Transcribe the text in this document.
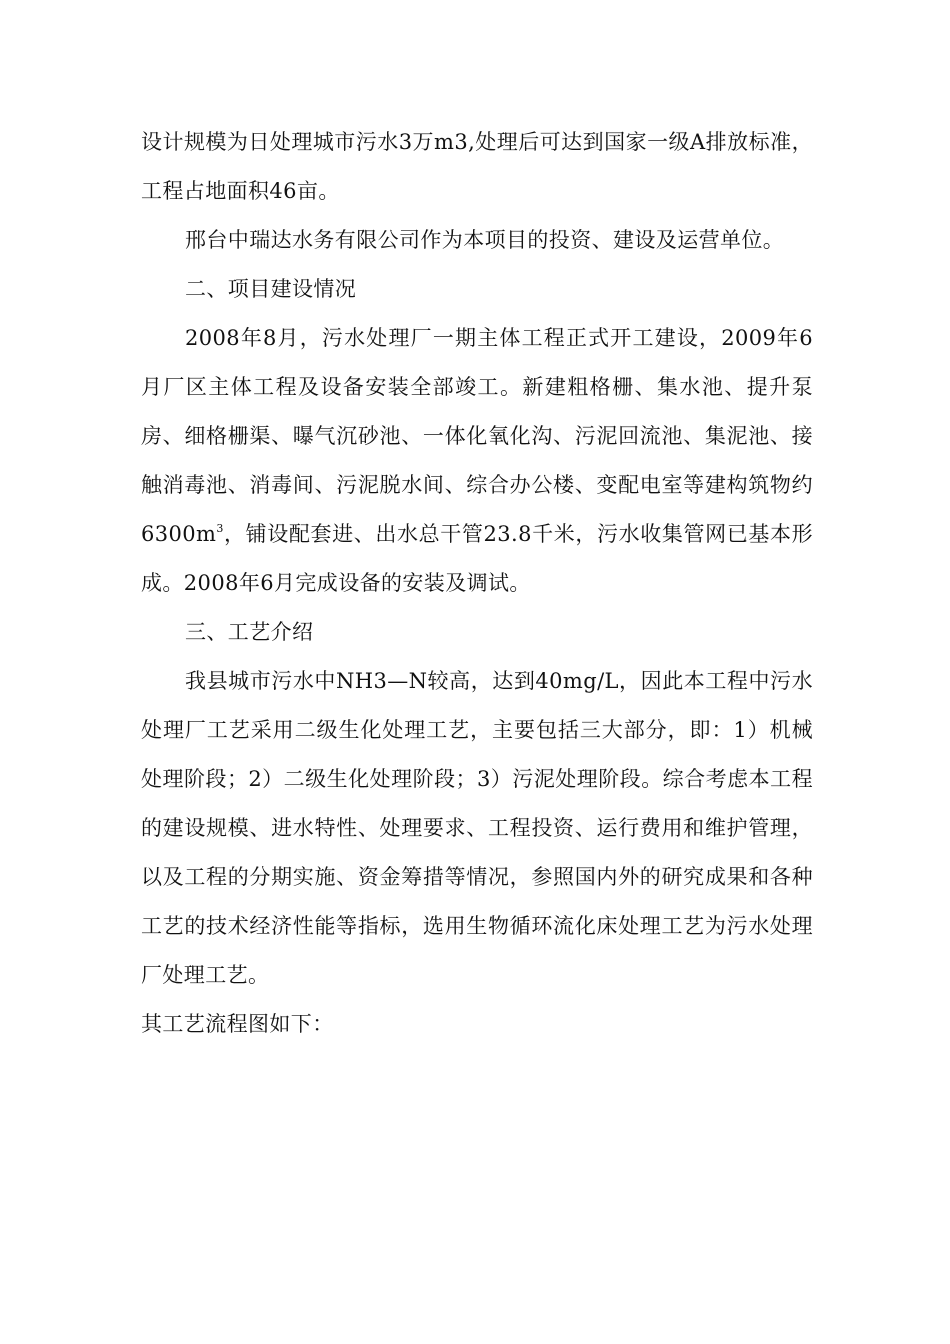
设计规模为日处理城市污水3万m3,处理后可达到国家一级A排放标准，工程占地面积46亩。

邢台中瑞达水务有限公司作为本项目的投资、建设及运营单位。

二、项目建设情况

2008年8月，污水处理厂一期主体工程正式开工建设，2009年6月厂区主体工程及设备安装全部竣工。新建粗格栅、集水池、提升泵房、细格栅渠、曝气沉砂池、一体化氧化沟、污泥回流池、集泥池、接触消毒池、消毒间、污泥脱水间、综合办公楼、变配电室等建构筑物约$6300m^3$，铺设配套进、出水总干管23.8千米，污水收集管网已基本形成。2008年6月完成设备的安装及调试。

三、工艺介绍

我县城市污水中NH3—N较高，达到40mg/L，因此本工程中污水处理厂工艺采用二级生化处理工艺，主要包括三大部分，即：1）机械处理阶段；2）二级生化处理阶段；3）污泥处理阶段。综合考虑本工程的建设规模、进水特性、处理要求、工程投资、运行费用和维护管理，以及工程的分期实施、资金筹措等情况，参照国内外的研究成果和各种工艺的技术经济性能等指标，选用生物循环流化床处理工艺为污水处理厂处理工艺。

其工艺流程图如下：
